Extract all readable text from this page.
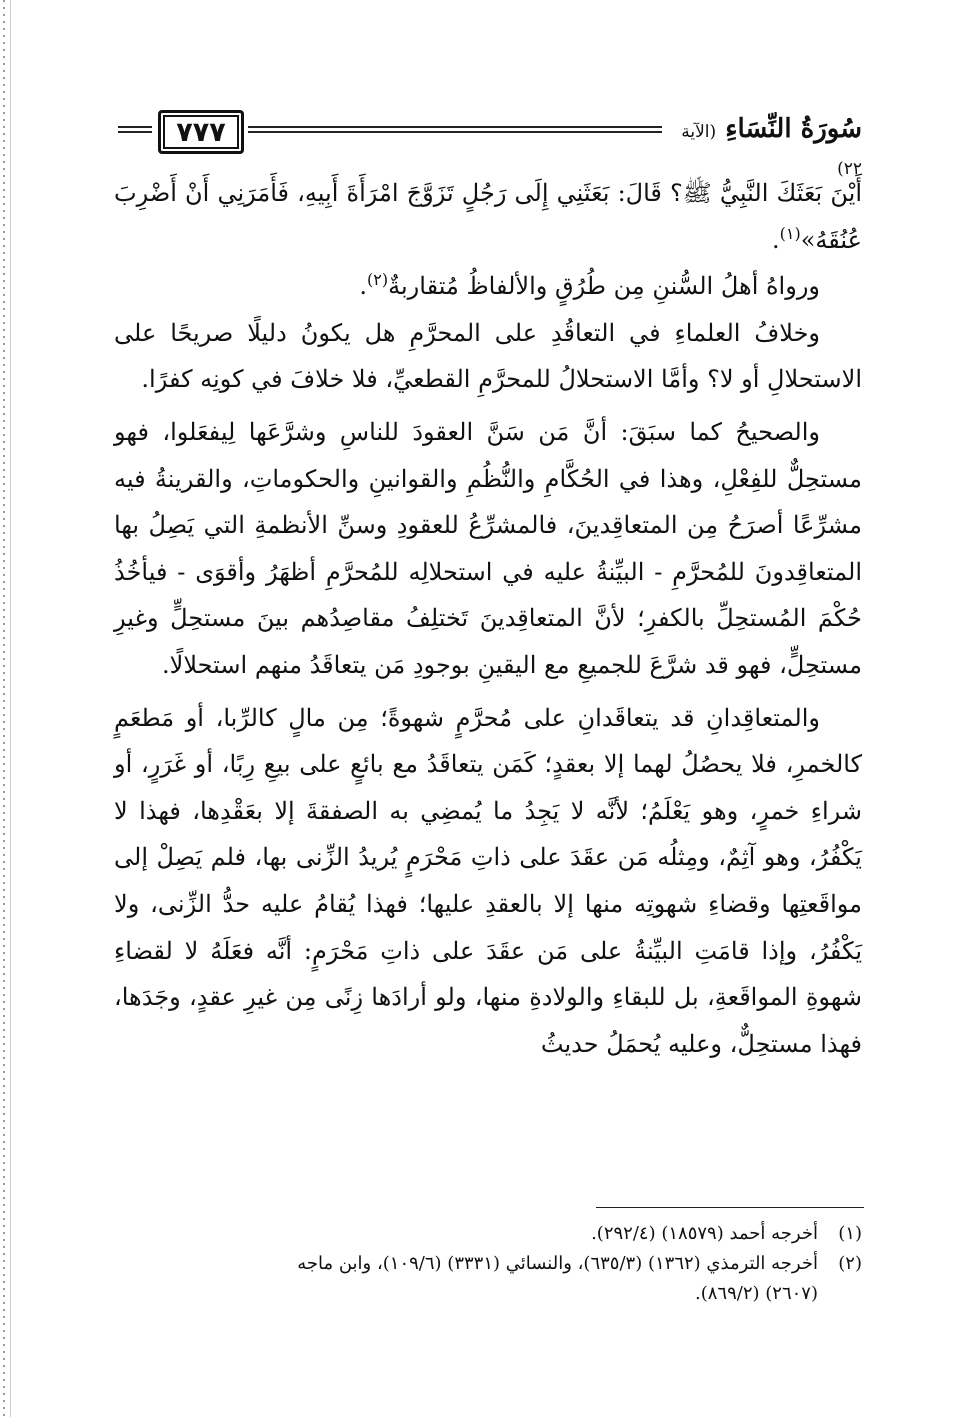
٧٧٧	سُورَةُ النِّسَاءِ (الآية ٢٢)

أَيْنَ بَعَثَكَ النَّبِيُّ ﷺ؟ قَالَ: بَعَثَنِي إِلَى رَجُلٍ تَزَوَّجَ امْرَأَةَ أَبِيهِ، فَأَمَرَنِي أَنْ أَضْرِبَ عُنُقَهُ»$^{(١)}$.

ورواهُ أهلُ السُّننِ مِن طُرُقٍ والألفاظُ مُتقاربةٌ$^{(٢)}$.

وخلافُ العلماءِ في التعاقُدِ على المحرَّمِ هل يكونُ دليلًا صريحًا على الاستحلالِ أو لا؟ وأمَّا الاستحلالُ للمحرَّمِ القطعيِّ، فلا خلافَ في كونِه كفرًا.

والصحيحُ كما سبَقَ: أنَّ مَن سَنَّ العقودَ للناسِ وشرَّعَها لِيفعَلوا، فهو مستحِلٌّ للفِعْلِ، وهذا في الحُكَّامِ والنُّظُمِ والقوانينِ والحكوماتِ، والقرينةُ فيه مشرِّعًا أصرَحُ مِن المتعاقِدينَ، فالمشرِّعُ للعقودِ وسنِّ الأنظمةِ التي يَصِلُ بها المتعاقِدونَ للمُحرَّمِ - البيِّنةُ عليه في استحلالِه للمُحرَّمِ أظهَرُ وأقوَى - فيأخُذُ حُكْمَ المُستحِلِّ بالكفرِ؛ لأنَّ المتعاقِدينَ تَختلِفُ مقاصِدُهم بينَ مستحِلٍّ وغيرِ مستحِلٍّ، فهو قد شرَّعَ للجميعِ مع اليقينِ بوجودِ مَن يتعاقَدُ منهم استحلالًا.

والمتعاقِدانِ قد يتعاقَدانِ على مُحرَّمٍ شهوةً؛ مِن مالٍ كالرِّبا، أو مَطعَمٍ كالخمرِ، فلا يحصُلُ لهما إلا بعقدٍ؛ كَمَن يتعاقَدُ مع بائعٍ على بيعِ رِبًا، أو غَرَرٍ، أو شراءِ خمرٍ، وهو يَعْلَمُ؛ لأنَّه لا يَجِدُ ما يُمضِي به الصفقةَ إلا بعَقْدِها، فهذا لا يَكْفُرُ، وهو آثِمٌ، ومِثلُه مَن عقَدَ على ذاتِ مَحْرَمٍ يُريدُ الزِّنى بها، فلم يَصِلْ إلى مواقَعتِها وقضاءِ شهوتِه منها إلا بالعقدِ عليها؛ فهذا يُقامُ عليه حدُّ الزِّنى، ولا يَكْفُرُ، وإذا قامَتِ البيِّنةُ على مَن عقَدَ على ذاتِ مَحْرَمٍ: أنَّه فعَلَهُ لا لقضاءِ شهوةِ المواقَعةِ، بل للبقاءِ والولادةِ منها، ولو أرادَها زِنًى مِن غيرِ عقدٍ، وجَدَها، فهذا مستحِلٌّ، وعليه يُحمَلُ حديثُ

(١)أخرجه أحمد (١٨٥٧٩) (٢٩٢/٤).

(٢)أخرجه الترمذي (١٣٦٢) (٦٣٥/٣)، والنسائي (٣٣٣١) (١٠٩/٦)، وابن ماجه

(٢٦٠٧) (٨٦٩/٢).
